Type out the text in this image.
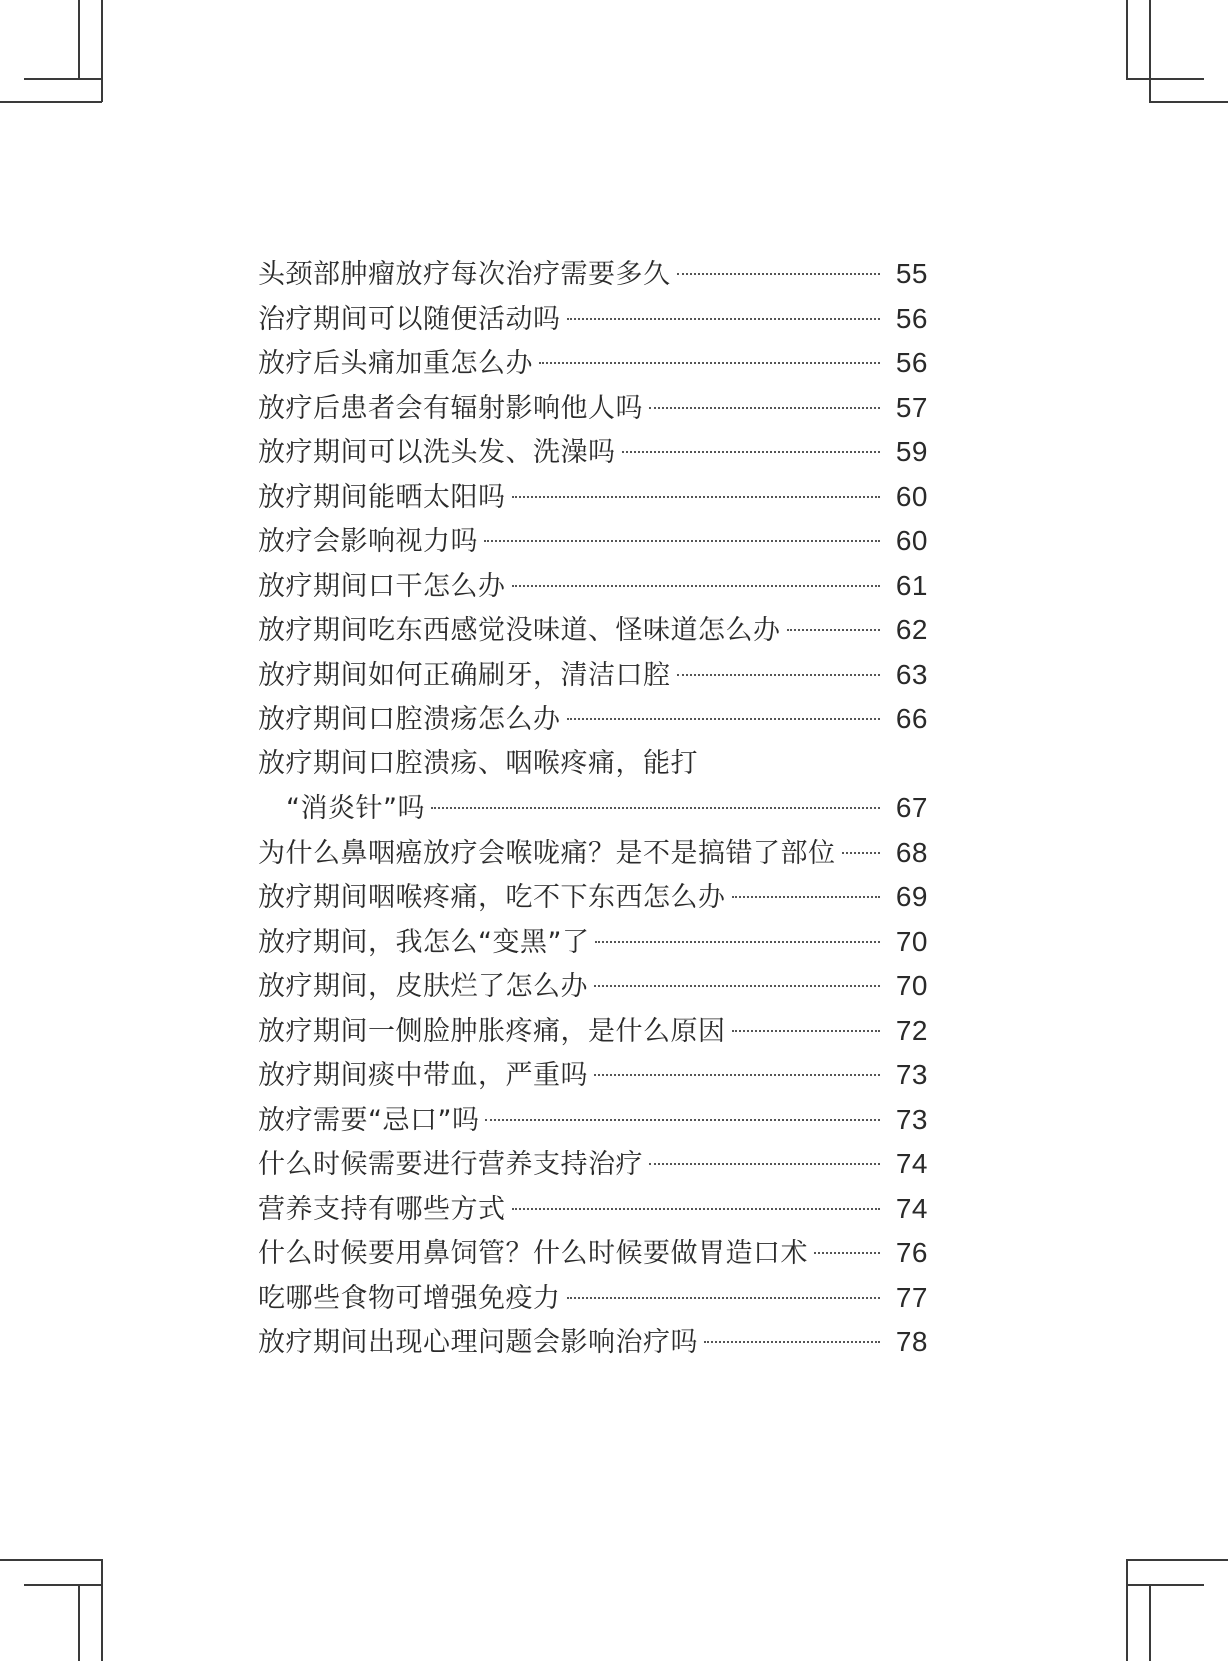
头颈部肿瘤放疗每次治疗需要多久	55
治疗期间可以随便活动吗	56
放疗后头痛加重怎么办	56
放疗后患者会有辐射影响他人吗	57
放疗期间可以洗头发、洗澡吗	59
放疗期间能晒太阳吗	60
放疗会影响视力吗	60
放疗期间口干怎么办	61
放疗期间吃东西感觉没味道、怪味道怎么办	62
放疗期间如何正确刷牙，清洁口腔	63
放疗期间口腔溃疡怎么办	66
放疗期间口腔溃疡、咽喉疼痛，能打
“消炎针”吗	67
为什么鼻咽癌放疗会喉咙痛？是不是搞错了部位 68
放疗期间咽喉疼痛，吃不下东西怎么办	69
放疗期间，我怎么“变黑”了	70
放疗期间，皮肤烂了怎么办	70
放疗期间一侧脸肿胀疼痛，是什么原因	72
放疗期间痰中带血，严重吗	73
放疗需要“忌口”吗	73
什么时候需要进行营养支持治疗	74
营养支持有哪些方式	74
什么时候要用鼻饲管？什么时候要做胃造口术	76
吃哪些食物可增强免疫力	77
放疗期间出现心理问题会影响治疗吗	78
